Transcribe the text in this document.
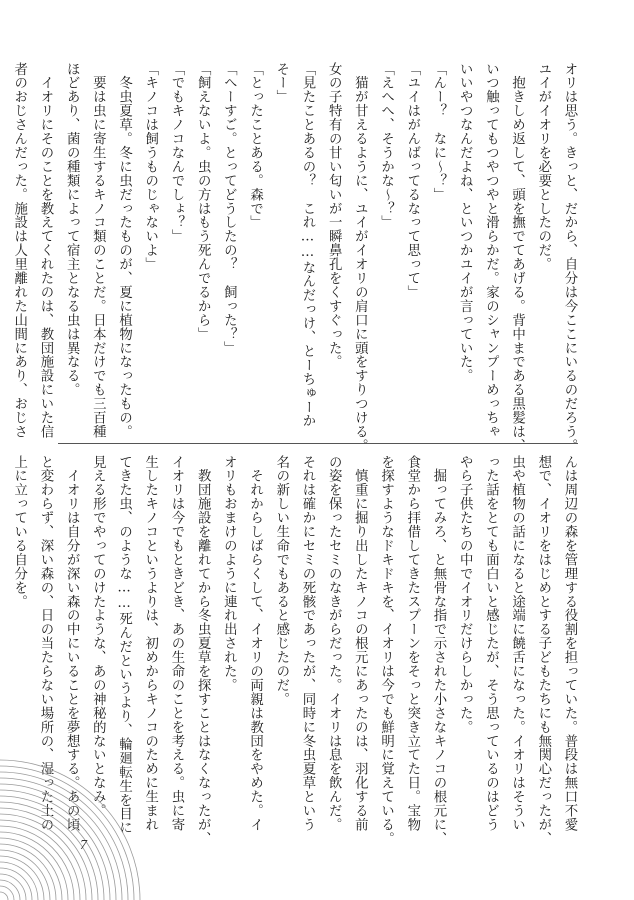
オリは思う。きっと、だから、自分は今ここにいるのだろう。
ユイがイオリを必要としたのだ。
　抱きしめ返して、頭を撫でてあげる。背中まである黒髪は、
いつ触ってもつやつやと滑らかだ。家のシャンプーめっちゃ
いいやつなんだよね、といつかユイが言っていた。
「んー？　なに〜？」
「ユイはがんばってるなって思って」
「えへへ、そうかな〜？」
　猫が甘えるように、ユイがイオリの肩口に頭をすりつける。
女の子特有の甘い匂いが一瞬鼻孔をくすぐった。
「見たことあるの？　これ……なんだっけ、とーちゅーか
そー」
「とったことある。森で」
「へーすご。とってどうしたの？　飼った？」
「飼えないよ。虫の方はもう死んでるから」
「でもキノコなんでしょ？」
「キノコは飼うものじゃないよ」
　冬虫夏草。冬に虫だったものが、夏に植物になったもの。
　要は虫に寄生するキノコ類のことだ。日本だけでも三百種
ほどあり、菌の種類によって宿主となる虫は異なる。
　イオリにそのことを教えてくれたのは、教団施設にいた信
者のおじさんだった。施設は人里離れた山間にあり、おじさ
んは周辺の森を管理する役割を担っていた。普段は無口不愛
想で、イオリをはじめとする子どもたちにも無関心だったが、
虫や植物の話になると途端に饒舌になった。イオリはそうい
った話をとても面白いと感じたが、そう思っているのはどう
やら子供たちの中でイオリだけらしかった。
　掘ってみろ、と無骨な指で示された小さなキノコの根元に、
食堂から拝借してきたスプーンをそっと突き立てた日。宝物
を探すようなドキドキを、イオリは今でも鮮明に覚えている。
　慎重に掘り出したキノコの根元にあったのは、羽化する前
の姿を保ったセミのなきがらだった。イオリは息を飲んだ。
それは確かにセミの死骸であったが、同時に冬虫夏草という
名の新しい生命でもあると感じたのだ。
　それからしばらくして、イオリの両親は教団をやめた。イ
オリもおまけのように連れ出された。
　教団施設を離れてから冬虫夏草を探すことはなくなったが、
イオリは今でもときどき、あの生命のことを考える。虫に寄
生したキノコというよりは、初めからキノコのために生まれ
てきた虫、のような……死んだというより、輪廻転生を目に
見える形でやってのけたような、あの神秘的ないとなみ。
　イオリは自分が深い森の中にいることを夢想する。あの頃
と変わらず、深い森の、日の当たらない場所の、湿った土の
上に立っている自分を。
7
